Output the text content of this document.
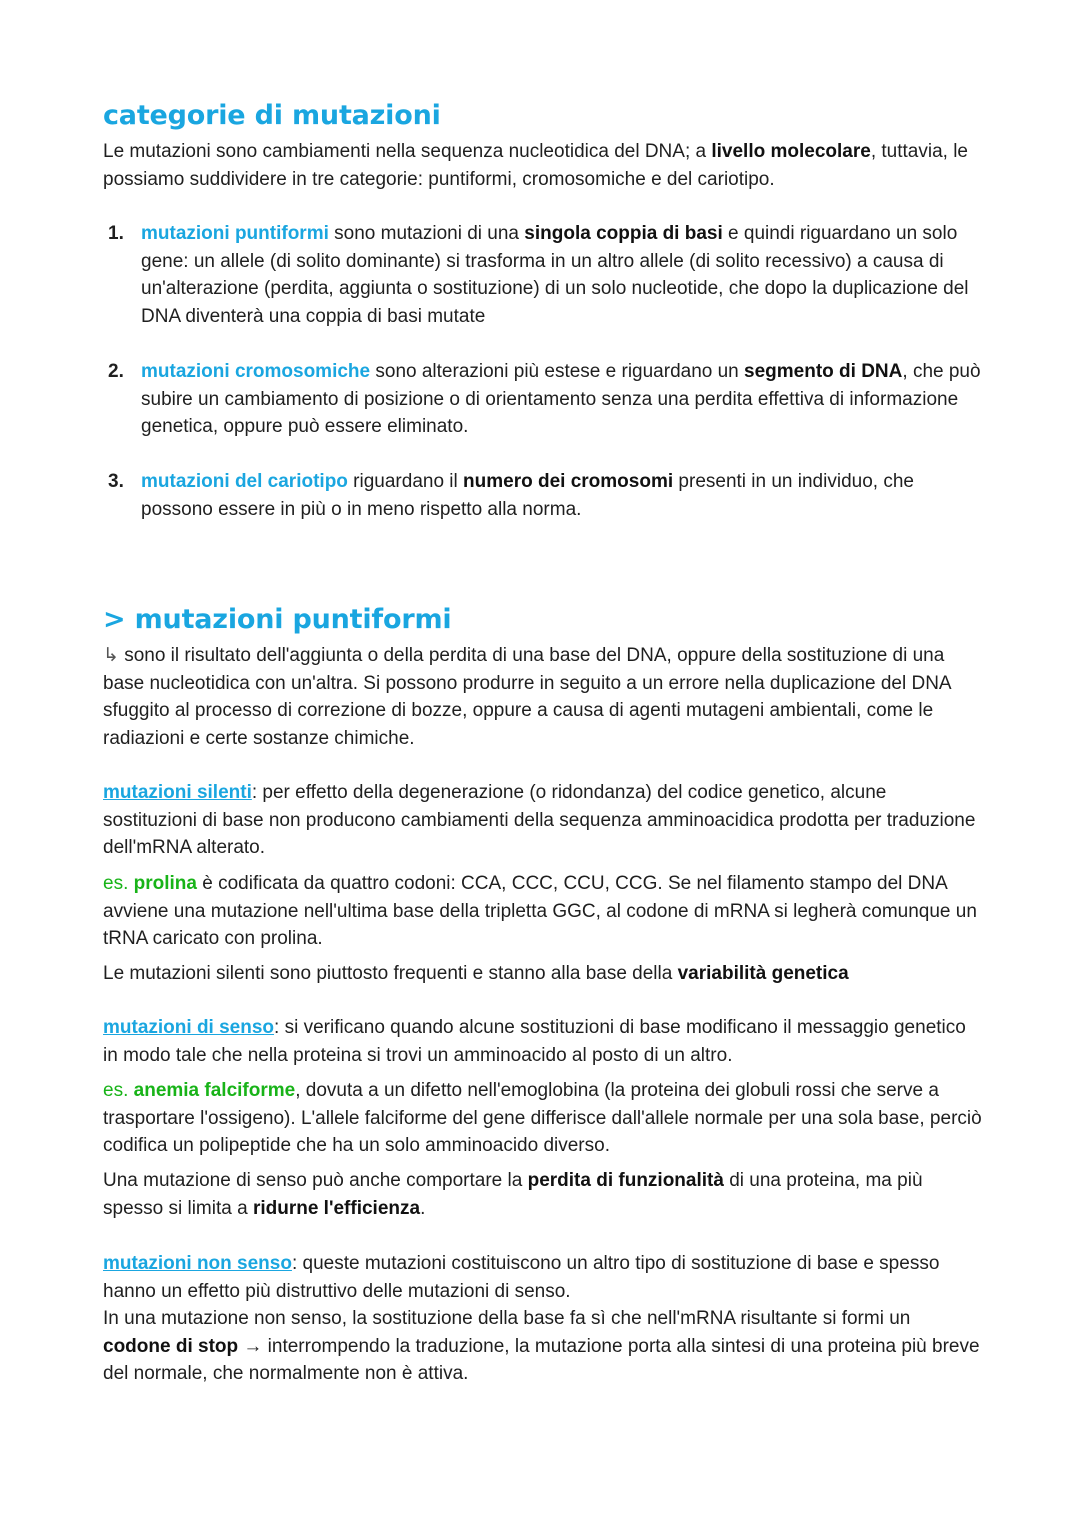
categorie di mutazioni

Le mutazioni sono cambiamenti nella sequenza nucleotidica del DNA; a livello molecolare, tuttavia, le possiamo suddividere in tre categorie: puntiformi, cromosomiche e del cariotipo.

1. mutazioni puntiformi sono mutazioni di una singola coppia di basi e quindi riguardano un solo gene: un allele (di solito dominante) si trasforma in un altro allele (di solito recessivo) a causa di un'alterazione (perdita, aggiunta o sostituzione) di un solo nucleotide, che dopo la duplicazione del DNA diventerà una coppia di basi mutate

2. mutazioni cromosomiche sono alterazioni più estese e riguardano un segmento di DNA, che può subire un cambiamento di posizione o di orientamento senza una perdita effettiva di informazione genetica, oppure può essere eliminato.

3. mutazioni del cariotipo riguardano il numero dei cromosomi presenti in un individuo, che possono essere in più o in meno rispetto alla norma.

> mutazioni puntiformi

↳ sono il risultato dell'aggiunta o della perdita di una base del DNA, oppure della sostituzione di una base nucleotidica con un'altra. Si possono produrre in seguito a un errore nella duplicazione del DNA sfuggito al processo di correzione di bozze, oppure a causa di agenti mutageni ambientali, come le radiazioni e certe sostanze chimiche.

mutazioni silenti: per effetto della degenerazione (o ridondanza) del codice genetico, alcune sostituzioni di base non producono cambiamenti della sequenza amminoacidica prodotta per traduzione dell'mRNA alterato.

es. prolina è codificata da quattro codoni: CCA, CCC, CCU, CCG. Se nel filamento stampo del DNA avviene una mutazione nell'ultima base della tripletta GGC, al codone di mRNA si legherà comunque un tRNA caricato con prolina.

Le mutazioni silenti sono piuttosto frequenti e stanno alla base della variabilità genetica

mutazioni di senso: si verificano quando alcune sostituzioni di base modificano il messaggio genetico in modo tale che nella proteina si trovi un amminoacido al posto di un altro.

es. anemia falciforme, dovuta a un difetto nell'emoglobina (la proteina dei globuli rossi che serve a trasportare l'ossigeno). L'allele falciforme del gene differisce dall'allele normale per una sola base, perciò codifica un polipeptide che ha un solo amminoacido diverso.

Una mutazione di senso può anche comportare la perdita di funzionalità di una proteina, ma più spesso si limita a ridurne l'efficienza.

mutazioni non senso: queste mutazioni costituiscono un altro tipo di sostituzione di base e spesso hanno un effetto più distruttivo delle mutazioni di senso.
In una mutazione non senso, la sostituzione della base fa sì che nell'mRNA risultante si formi un codone di stop → interrompendo la traduzione, la mutazione porta alla sintesi di una proteina più breve del normale, che normalmente non è attiva.
